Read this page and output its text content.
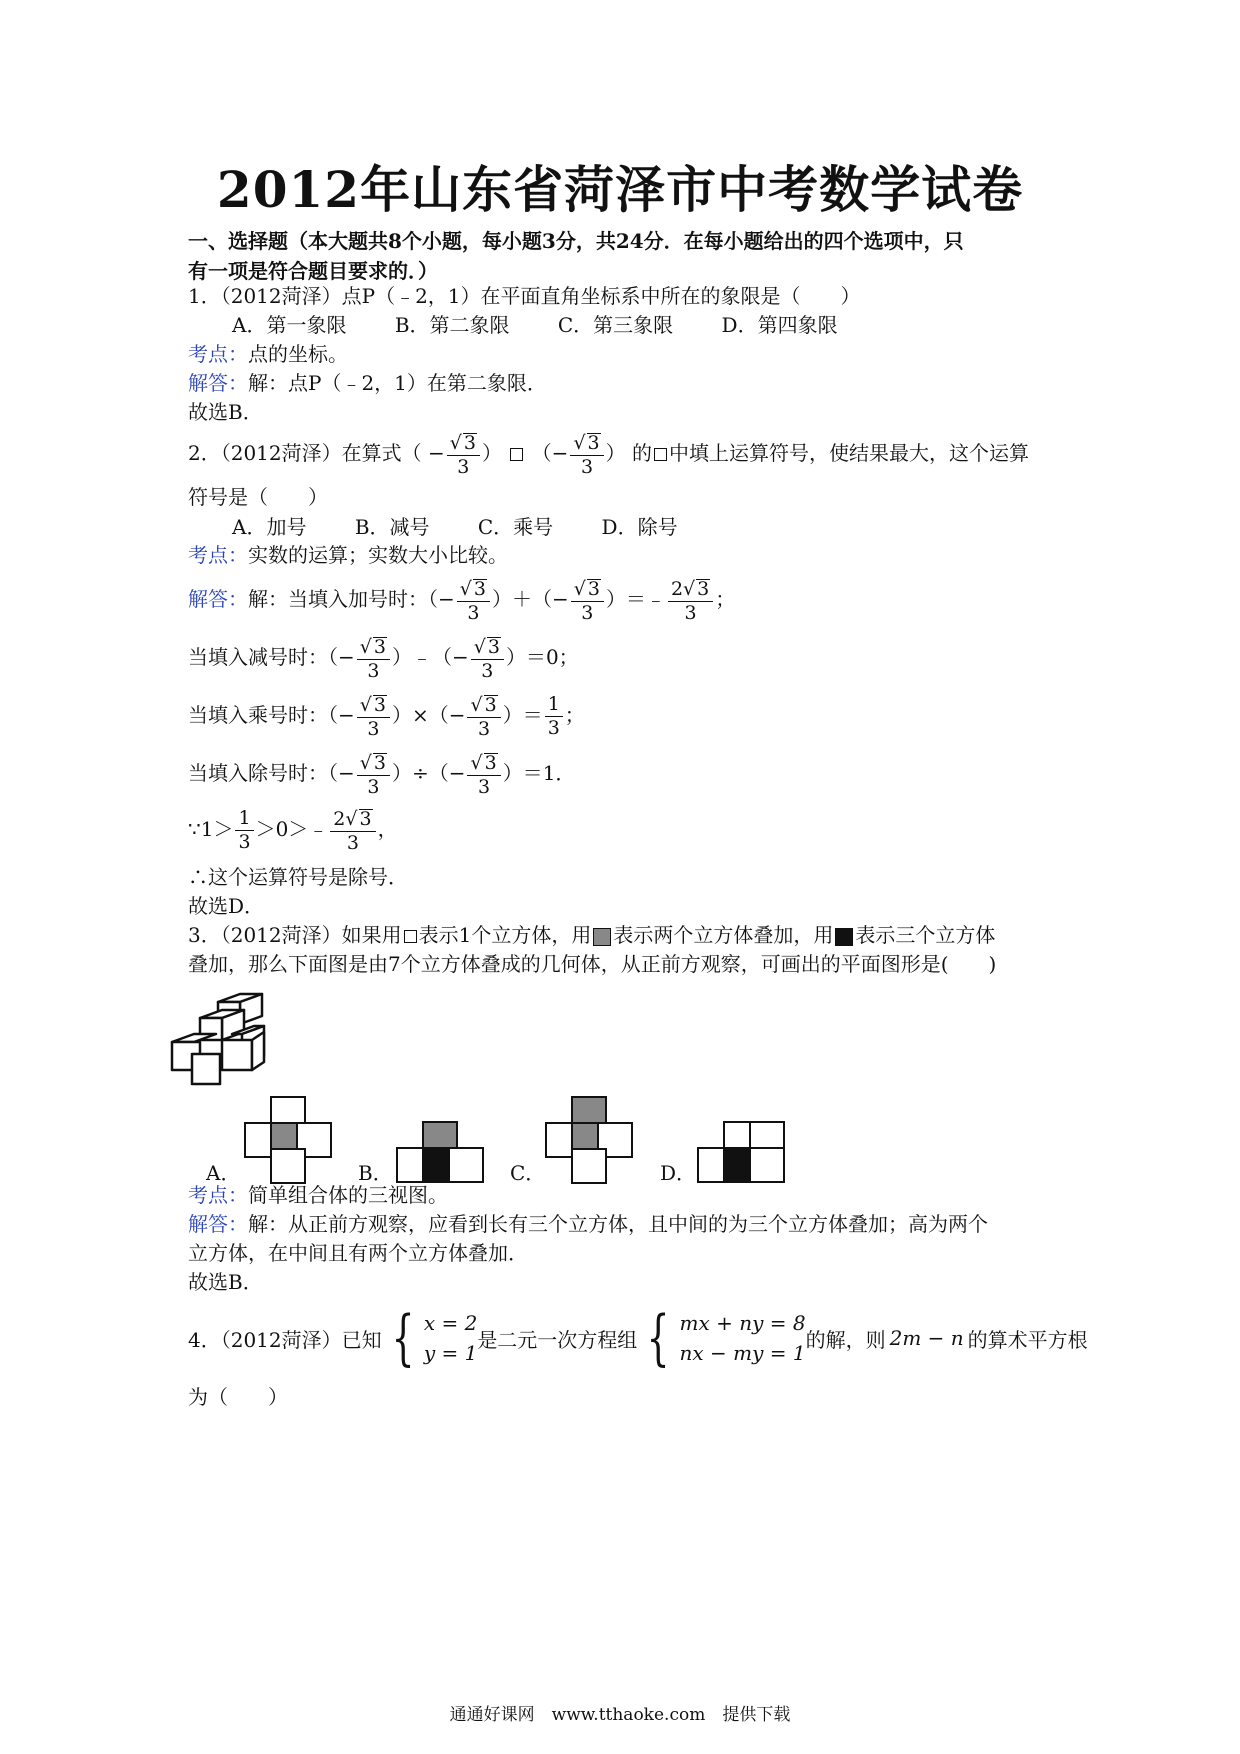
2012年山东省菏泽市中考数学试卷
一、选择题（本大题共8个小题，每小题3分，共24分．在每小题给出的四个选项中，只
有一项是符合题目要求的．）
1．（2012菏泽）点P（﹣2，1）在平面直角坐标系中所在的象限是（　　）
A．第一象限 B．第二象限 C．第三象限 D．第四象限
考点：点的坐标。
解答：解：点P（﹣2，1）在第二象限．
故选B．
2．（2012菏泽）在算式（ − $\frac{√ 3}{3}$ ）  （− $\frac{√ 3}{3}$ ） 的 中填上运算符号，使结果最大，这个运算
符号是（　　）
A．加号 B．减号 C．乘号 D．除号
考点：实数的运算；实数大小比较。
解答：解：当填入加号时：（− $\frac{√ 3}{3}$ ）＋（− $\frac{√ 3}{3}$ ）＝﹣ $\frac{2√ 3}{3}$ ；
当填入减号时：（− $\frac{√ 3}{3}$ ）﹣（− $\frac{√ 3}{3} )=0$；
当填入乘号时：（− $\frac{√ 3}{3}$ ）×（− $\frac{√ 3}{3}$ ）＝ $\frac{1}{3}$ ；
当填入除号时：（− $\frac{√ 3}{3}$ ）÷（− $\frac{√ 3}{3} )=1$．
∵1＞ $\frac{1}{3}$ ＞0＞﹣ $\frac{2√ 3}{3}$ ，
∴这个运算符号是除号．
故选D．
3．（2012菏泽）如果用 表示1个立方体，用 表示两个立方体叠加，用 表示三个立方体
叠加，那么下面图是由7个立方体叠成的几何体，从正前方观察，可画出的平面图形是(　　)
A．	B．	C．	D．
考点：简单组合体的三视图。
解答：解：从正前方观察，应看到长有三个立方体，且中间的为三个立方体叠加；高为两个
立方体，在中间且有两个立方体叠加．
故选B．
4．（2012菏泽）已知 { x = 2
y = 1
是二元一次方程组 { mx + ny = 8
nx − my = 1
的解，则 2m − n 的算术平方根
为（　　）
通通好课网　www.tthaoke.com　提供下载
